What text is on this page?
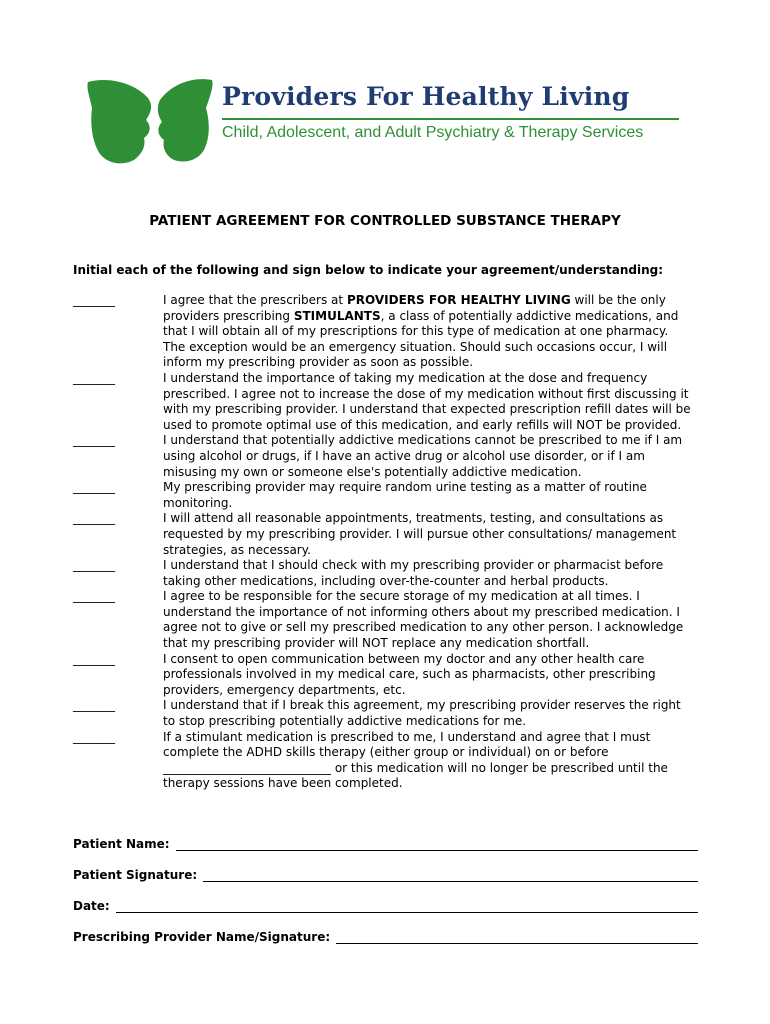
Providers For Healthy Living
Child, Adolescent, and Adult Psychiatry & Therapy Services
PATIENT AGREEMENT FOR CONTROLLED SUBSTANCE THERAPY
Initial each of the following and sign below to indicate your agreement/understanding:
_______	I agree that the prescribers at PROVIDERS FOR HEALTHY LIVING will be the only providers prescribing STIMULANTS, a class of potentially addictive medications, and that I will obtain all of my prescriptions for this type of medication at one pharmacy. The exception would be an emergency situation. Should such occasions occur, I will inform my prescribing provider as soon as possible.
_______	I understand the importance of taking my medication at the dose and frequency prescribed. I agree not to increase the dose of my medication without first discussing it with my prescribing provider. I understand that expected prescription refill dates will be used to promote optimal use of this medication, and early refills will NOT be provided.
_______	I understand that potentially addictive medications cannot be prescribed to me if I am using alcohol or drugs, if I have an active drug or alcohol use disorder, or if I am misusing my own or someone else's potentially addictive medication.
_______	My prescribing provider may require random urine testing as a matter of routine monitoring.
_______	I will attend all reasonable appointments, treatments, testing, and consultations as requested by my prescribing provider. I will pursue other consultations/ management strategies, as necessary.
_______	I understand that I should check with my prescribing provider or pharmacist before taking other medications, including over-the-counter and herbal products.
_______	I agree to be responsible for the secure storage of my medication at all times. I understand the importance of not informing others about my prescribed medication. I agree not to give or sell my prescribed medication to any other person. I acknowledge that my prescribing provider will NOT replace any medication shortfall.
_______	I consent to open communication between my doctor and any other health care professionals involved in my medical care, such as pharmacists, other prescribing providers, emergency departments, etc.
_______	I understand that if I break this agreement, my prescribing provider reserves the right to stop prescribing potentially addictive medications for me.
_______	If a stimulant medication is prescribed to me, I understand and agree that I must complete the ADHD skills therapy (either group or individual) on or before ____________________________ or this medication will no longer be prescribed until the therapy sessions have been completed.
Patient Name:
Patient Signature:
Date:
Prescribing Provider Name/Signature:
